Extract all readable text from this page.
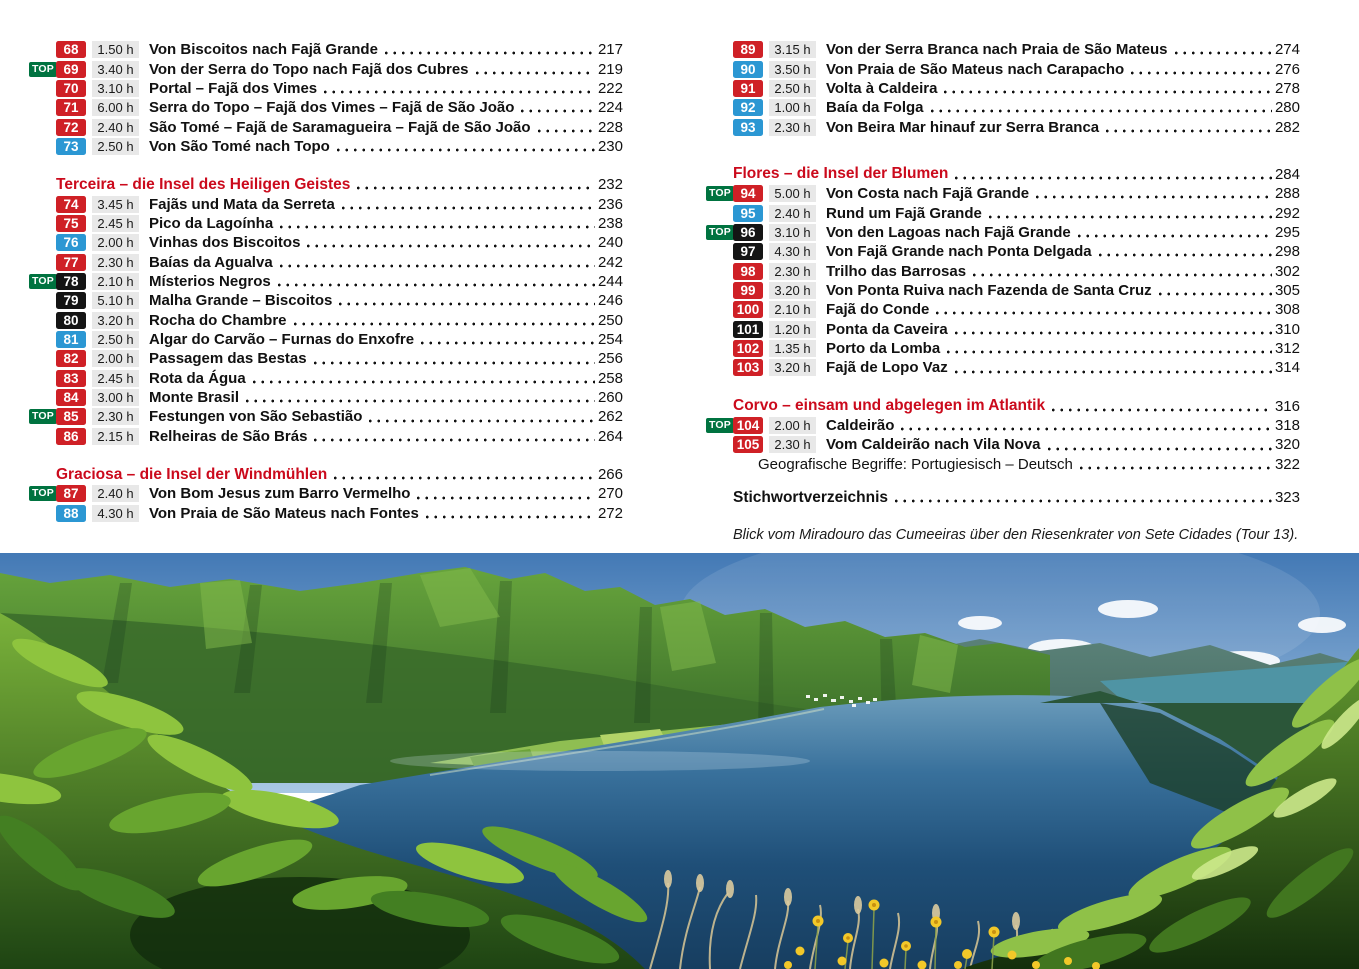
68	1.50 h	Von Biscoitos nach Fajã Grande	217
TOP 69	3.40 h	Von der Serra do Topo nach Fajã dos Cubres	219
70	3.10 h	Portal – Fajã dos Vimes	222
71	6.00 h	Serra do Topo – Fajã dos Vimes – Fajã de São João	224
72	2.40 h	São Tomé – Fajã de Saramagueira – Fajã de São João	228
73	2.50 h	Von São Tomé nach Topo	230
Terceira – die Insel des Heiligen Geistes	232
74	3.45 h	Fajãs und Mata da Serreta	236
75	2.45 h	Pico da Lagoínha	238
76	2.00 h	Vinhas dos Biscoitos	240
77	2.30 h	Baías da Agualva	242
TOP 78	2.10 h	Místerios Negros	244
79	5.10 h	Malha Grande – Biscoitos	246
80	3.20 h	Rocha do Chambre	250
81	2.50 h	Algar do Carvão – Furnas do Enxofre	254
82	2.00 h	Passagem das Bestas	256
83	2.45 h	Rota da Água	258
84	3.00 h	Monte Brasil	260
TOP 85	2.30 h	Festungen von São Sebastião	262
86	2.15 h	Relheiras de São Brás	264
Graciosa – die Insel der Windmühlen	266
TOP 87	2.40 h	Von Bom Jesus zum Barro Vermelho	270
88	4.30 h	Von Praia de São Mateus nach Fontes	272
89	3.15 h	Von der Serra Branca nach Praia de São Mateus	274
90	3.50 h	Von Praia de São Mateus nach Carapacho	276
91	2.50 h	Volta à Caldeira	278
92	1.00 h	Baía da Folga	280
93	2.30 h	Von Beira Mar hinauf zur Serra Branca	282
Flores – die Insel der Blumen	284
TOP 94	5.00 h	Von Costa nach Fajã Grande	288
95	2.40 h	Rund um Fajã Grande	292
TOP 96	3.10 h	Von den Lagoas nach Fajã Grande	295
97	4.30 h	Von Fajã Grande nach Ponta Delgada	298
98	2.30 h	Trilho das Barrosas	302
99	3.20 h	Von Ponta Ruiva nach Fazenda de Santa Cruz	305
100	2.10 h	Fajã do Conde	308
101	1.20 h	Ponta da Caveira	310
102	1.35 h	Porto da Lomba	312
103	3.20 h	Fajã de Lopo Vaz	314
Corvo – einsam und abgelegen im Atlantik	316
TOP 104	2.00 h	Caldeirão	318
105	2.30 h	Vom Caldeirão nach Vila Nova	320
Geografische Begriffe: Portugiesisch – Deutsch	322
Stichwortverzeichnis	323
Blick vom Miradouro das Cumeeiras über den Riesenkrater von Sete Cidades (Tour 13).
